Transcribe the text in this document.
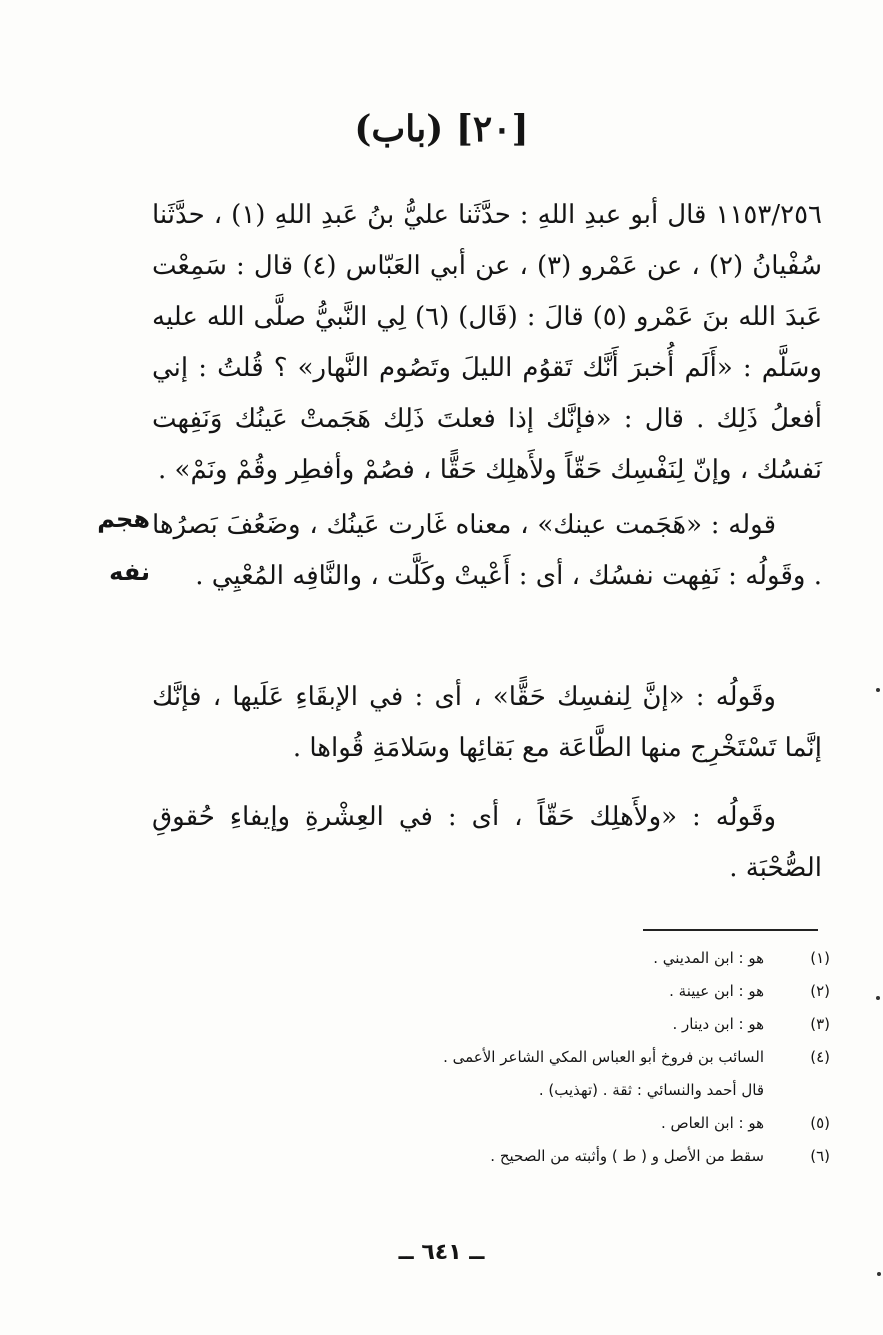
[٢٠] (باب)

١١٥٣/٢٥٦ قال أبو عبدِ اللهِ : حدَّثَنا عليُّ بنُ عَبدِ اللهِ (١) ، حدَّثَنا سُفْيانُ (٢) ، عن عَمْرو (٣) ، عن أبي العَبّاس (٤) قال : سَمِعْت عَبدَ الله بنَ عَمْرو (٥) قالَ : (قَال) (٦) لِي النَّبيُّ صلَّى الله عليه وسَلَّم : «أَلَم أُخبرَ أَنَّك تَقوُم الليلَ وتَصُوم النَّهار» ؟ قُلتُ : إني أفعلُ ذَلِك . قال : «فإنَّك إذا فعلتَ ذَلِك هَجَمتْ عَينُك وَنَفِهت نَفسُك ، وإنّ لِنَفْسِك حَقّاً ولأَهلِك حَقًّا ، فصُمْ وأفطِر وقُمْ ونَمْ» .

قوله : «هَجَمت عينك» ، معناه غَارت عَينُك ، وضَعُفَ بَصرُها . وقَولُه : نَفِهت نفسُك ، أى : أَعْيتْ وكَلَّت ، والنَّافِه المُعْيِي .

وقَولُه : «إنَّ لِنفسِك حَقًّا» ، أى : في الإبقَاءِ عَلَيها ، فإنَّك إنَّما تَسْتَخْرِج منها الطَّاعَة مع بَقائِها وسَلامَةِ قُواها .

وقَولُه : «ولأَهلِك حَقّاً ، أى : في العِشْرةِ وإيفاءِ حُقوقِ الصُّحْبَة .

هجم
نفه
(١)
هو : ابن المديني .
(٢)
هو : ابن عيينة .
(٣)
هو : ابن دينار .
(٤)
السائب بن فروخ أبو العباس المكي الشاعر الأعمى .
قال أحمد والنسائي : ثقة . (تهذيب) .
(٥)
هو : ابن العاص .
(٦)
سقط من الأصل و ( ط ) وأثبته من الصحيح .
ــ ٦٤١ ــ
